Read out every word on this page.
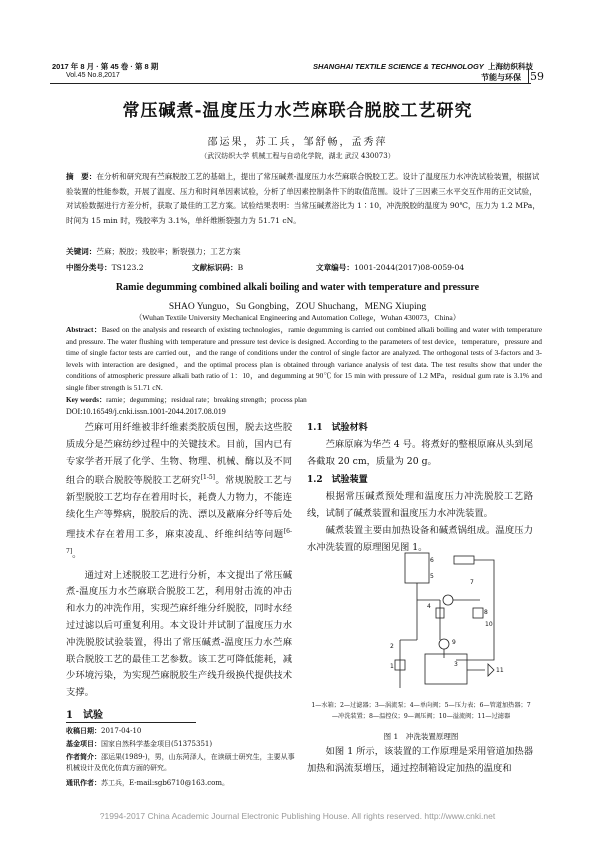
2017 年 8 月 · 第 45 卷 · 第 8 期
Vol.45 No.8,2017
SHANGHAI TEXTILE SCIENCE & TECHNOLOGY 上海纺织科技
节能与环保 59
常压碱煮-温度压力水苎麻联合脱胶工艺研究
邵运果，苏工兵，邹舒畅，孟秀萍
（武汉纺织大学 机械工程与自动化学院，湖北 武汉 430073）
摘　要：在分析和研究现有苎麻脱胶工艺的基础上，提出了常压碱煮-温度压力水苎麻联合脱胶工艺。设计了温度压力水冲洗试验装置，根据试验装置的性能参数，开展了温度、压力和时间单因素试验，分析了单因素控制条件下的取值范围。设计了三因素三水平交互作用的正交试验，对试验数据进行方差分析，获取了最佳的工艺方案。试验结果表明：当常压碱煮浴比为 1∶10，冲洗脱胶的温度为 90℃，压力为 1.2 MPa，时间为 15 min 时，残胶率为 3.1%，单纤维断裂强力为 51.71 cN。
关键词：苎麻；脱胶；残胶率；断裂强力；工艺方案
中图分类号：TS123.2	文献标识码：B	文章编号：1001-2044(2017)08-0059-04
Ramie degumming combined alkali boiling and water with temperature and pressure
SHAO Yunguo，Su Gongbing，ZOU Shuchang，MENG Xiuping
（Wuhan Textile University Mechanical Engineering and Automation College，Wuhan 430073，China）
Abstract：Based on the analysis and research of existing technologies，ramie degumming is carried out combined alkali boiling and water with temperature and pressure. The water flushing with temperature and pressure test device is designed. According to the parameters of test device，temperature，pressure and time of single factor tests are carried out，and the range of conditions under the control of single factor are analyzed. The orthogonal tests of 3-factors and 3-levels with interaction are designed，and the optimal process plan is obtained through variance analysis of test data. The test results show that under the conditions of atmospheric pressure alkali bath ratio of 1：10，and degumming at 90℃ for 15 min with pressure of 1.2 MPa，residual gum rate is 3.1% and single fiber strength is 51.71 cN.
Key words：ramie；degumming；residual rate；breaking strength；process plan
DOI:10.16549/j.cnki.issn.1001-2044.2017.08.019
苎麻可用纤维被非纤维素类胶质包围，脱去这些胶质成分是苎麻纺纱过程中的关键技术。目前，国内已有专家学者开展了化学、生物、物理、机械、酶以及不同组合的联合脱胶等脱胶工艺研究[1-5]。常规脱胶工艺与新型脱胶工艺均存在着用时长，耗费人力物力，不能连续化生产等弊病，脱胶后的洗、漂以及蔽麻分纤等后处理技术存在着用工多，麻束凌乱、纤维纠结等问题[6-7]。
通过对上述脱胶工艺进行分析，本文提出了常压碱煮-温度压力水苎麻联合脱胶工艺，利用射击流的冲击和水力的冲洗作用，实现苎麻纤维分纤脱胶，同时水经过过滤以后可重复利用。本文设计并试制了温度压力水冲洗脱胶试验装置，得出了常压碱煮-温度压力水苎麻联合脱胶工艺的最佳工艺参数。该工艺可降低能耗，减少环境污染，为实现苎麻脱胶生产线升级换代提供技术支撑。
1　试验
收稿日期：2017-04-10
基金项目：国家自然科学基金项目(51375351)
作者简介：邵运果(1989-)，男，山东菏泽人，在读硕士研究生，主要从事机械设计及优化仿真方面的研究。
通讯作者：苏工兵，E-mail:sgb6710@163.com。
1.1　试验材料
苎麻原麻为华苎 4 号。将煮好的整根原麻从头到尾各截取 20 cm，质量为 20 g。
1.2　试验装置
根据常压碱煮预处理和温度压力冲洗脱胶工艺路线，试制了碱煮装置和温度压力水冲洗装置。
碱煮装置主要由加热设备和碱煮锅组成。温度压力水冲洗装置的原理图见图 1。
6
7
8
5
4
10
9
3
2
1
11
1—水箱；2—过滤器；3—涡流泵；4—单向阀；5—压力表；6—管道加热器；7—冲洗装置；8—温控仪；9—调压阀；10—溢流阀；11—过滤器
图 1　冲洗装置原理图
如图 1 所示，该装置的工作原理是采用管道加热器加热和涡流泵增压，通过控制箱设定加热的温度和
?1994-2017 China Academic Journal Electronic Publishing House. All rights reserved. http://www.cnki.net
